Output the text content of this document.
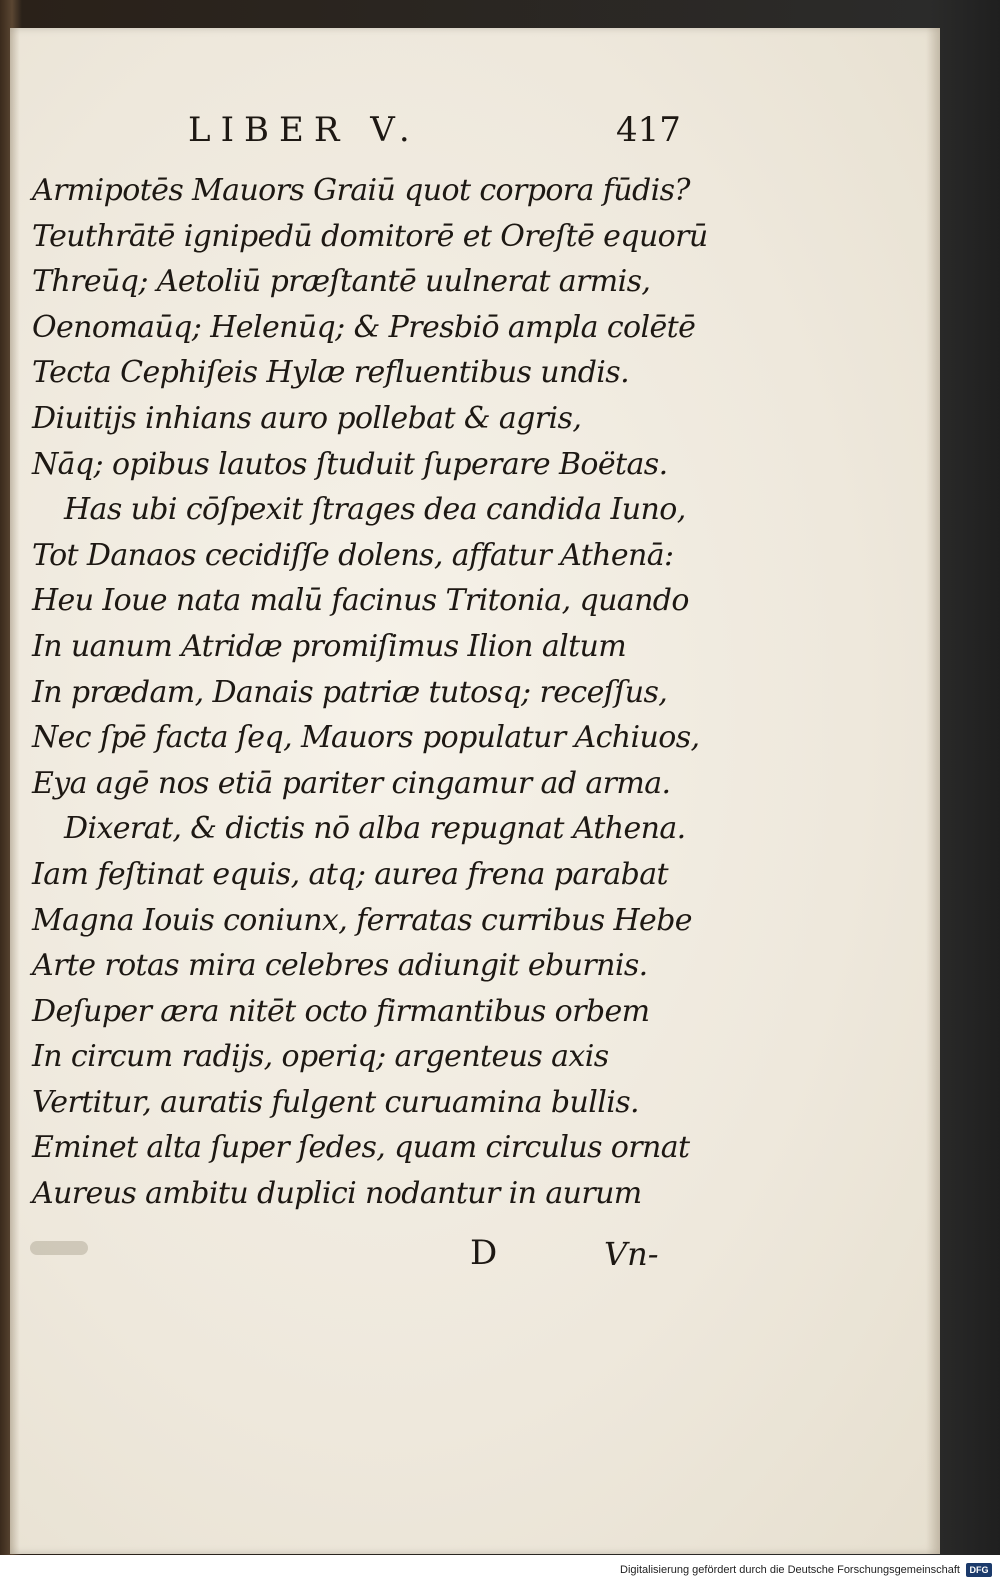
LIBER V.	417
Armipotēs Mauors Graiū quot corpora fūdis?
Teuthrātē ignipedū domitorē et Oreſtē equorū
Threūq; Aetoliū præſtantē uulnerat armis,
Oenomaūq; Helenūq; & Presbiō ampla colētē
Tecta Cephiſeis Hylæ refluentibus undis.
Diuitijs inhians auro pollebat & agris,
Nāq; opibus lautos ſtuduit ſuperare Boëtas.
Has ubi cōſpexit ſtrages dea candida Iuno,
Tot Danaos cecidiſſe dolens, affatur Athenā:
Heu Ioue nata malū facinus Tritonia, quando
In uanum Atridæ promiſimus Ilion altum
In prædam, Danais patriæ tutosq; receſſus,
Nec ſpē facta ſeq, Mauors populatur Achiuos,
Eya agē nos etiā pariter cingamur ad arma.
Dixerat, & dictis nō alba repugnat Athena.
Iam feſtinat equis, atq; aurea frena parabat
Magna Iouis coniunx, ferratas curribus Hebe
Arte rotas mira celebres adiungit eburnis.
Deſuper æra nitēt octo firmantibus orbem
In circum radijs, operiq; argenteus axis
Vertitur, auratis fulgent curuamina bullis.
Eminet alta ſuper ſedes, quam circulus ornat
Aureus ambitu duplici nodantur in aurum
D	Vn-
Digitalisierung gefördert durch die Deutsche Forschungsgemeinschaft	DFG
